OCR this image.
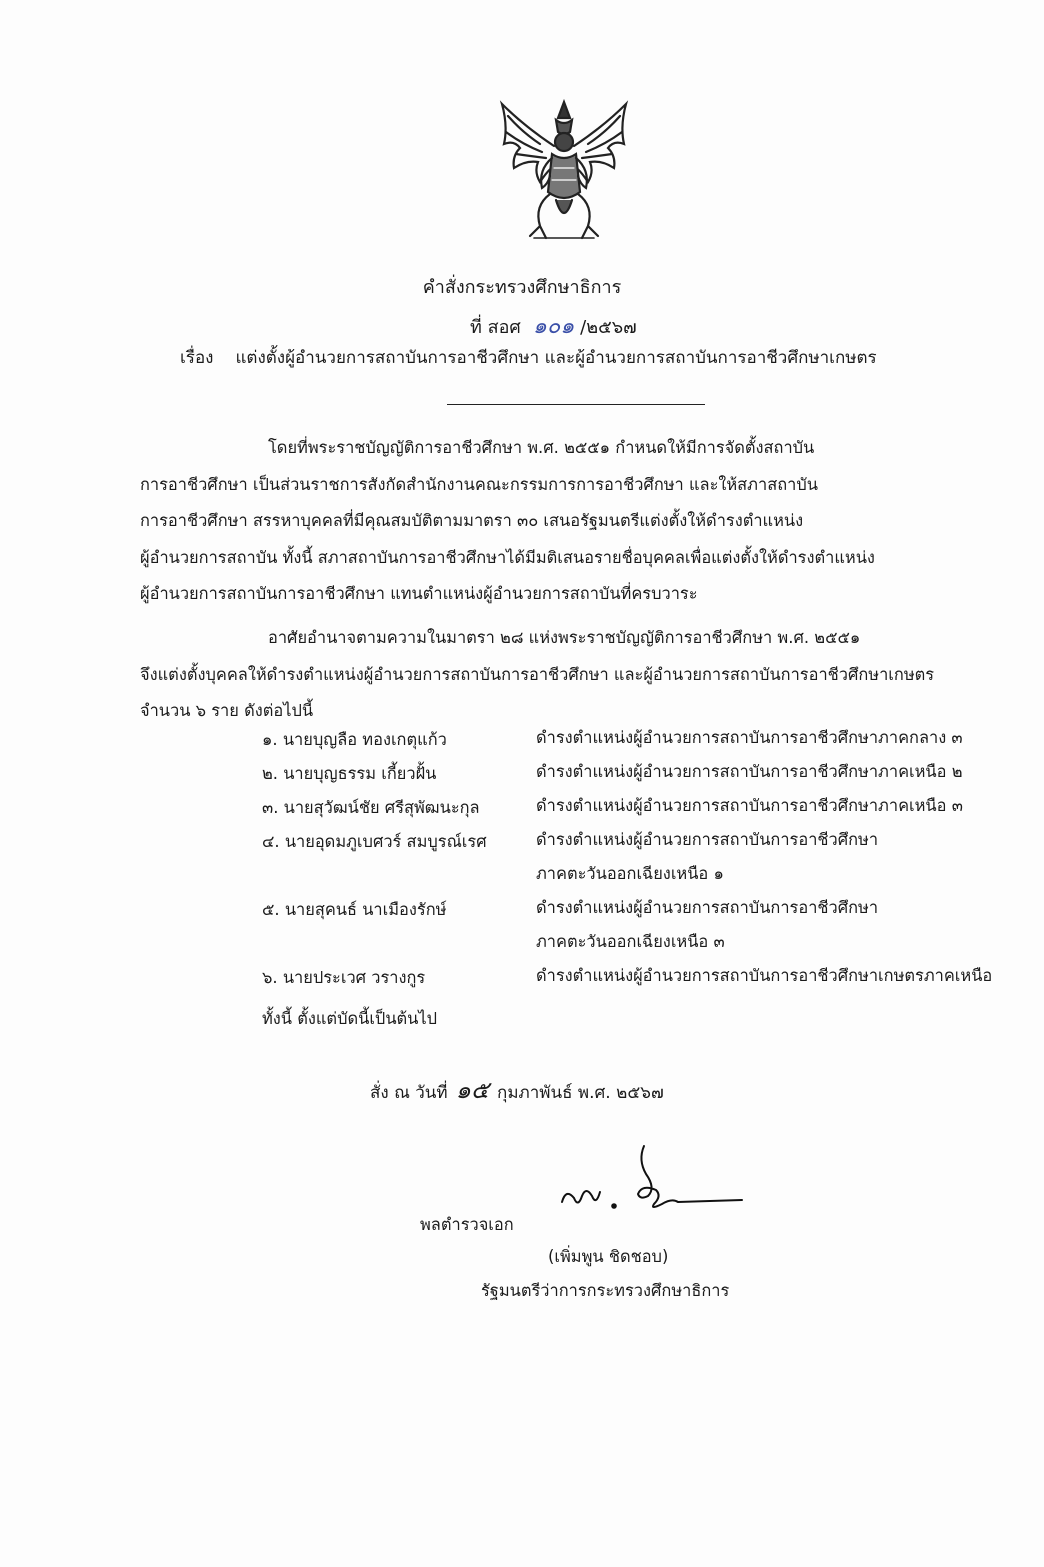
คำสั่งกระทรวงศึกษาธิการ
ที่ สอศ ๑๐๑ /๒๕๖๗
เรื่อง แต่งตั้งผู้อำนวยการสถาบันการอาชีวศึกษา และผู้อำนวยการสถาบันการอาชีวศึกษาเกษตร
โดยที่พระราชบัญญัติการอาชีวศึกษา พ.ศ. ๒๕๕๑ กำหนดให้มีการจัดตั้งสถาบัน
การอาชีวศึกษา เป็นส่วนราชการสังกัดสำนักงานคณะกรรมการการอาชีวศึกษา และให้สภาสถาบัน
การอาชีวศึกษา สรรหาบุคคลที่มีคุณสมบัติตามมาตรา ๓๐ เสนอรัฐมนตรีแต่งตั้งให้ดำรงตำแหน่ง
ผู้อำนวยการสถาบัน ทั้งนี้ สภาสถาบันการอาชีวศึกษาได้มีมติเสนอรายชื่อบุคคลเพื่อแต่งตั้งให้ดำรงตำแหน่ง
ผู้อำนวยการสถาบันการอาชีวศึกษา แทนตำแหน่งผู้อำนวยการสถาบันที่ครบวาระ
อาศัยอำนาจตามความในมาตรา ๒๘ แห่งพระราชบัญญัติการอาชีวศึกษา พ.ศ. ๒๕๕๑
จึงแต่งตั้งบุคคลให้ดำรงตำแหน่งผู้อำนวยการสถาบันการอาชีวศึกษา และผู้อำนวยการสถาบันการอาชีวศึกษาเกษตร
จำนวน ๖ ราย ดังต่อไปนี้
๑. นายบุญลือ ทองเกตุแก้ว	ดำรงตำแหน่งผู้อำนวยการสถาบันการอาชีวศึกษาภาคกลาง ๓
๒. นายบุญธรรม เกี้ยวฝั้น	ดำรงตำแหน่งผู้อำนวยการสถาบันการอาชีวศึกษาภาคเหนือ ๒
๓. นายสุวัฒน์ชัย ศรีสุพัฒนะกุล	ดำรงตำแหน่งผู้อำนวยการสถาบันการอาชีวศึกษาภาคเหนือ ๓
๔. นายอุดมภูเบศวร์ สมบูรณ์เรศ	ดำรงตำแหน่งผู้อำนวยการสถาบันการอาชีวศึกษา
ภาคตะวันออกเฉียงเหนือ ๑
๕. นายสุคนธ์ นาเมืองรักษ์	ดำรงตำแหน่งผู้อำนวยการสถาบันการอาชีวศึกษา
ภาคตะวันออกเฉียงเหนือ ๓
๖. นายประเวศ วรางกูร	ดำรงตำแหน่งผู้อำนวยการสถาบันการอาชีวศึกษาเกษตรภาคเหนือ
ทั้งนี้ ตั้งแต่บัดนี้เป็นต้นไป
สั่ง ณ วันที่ ๑๕ กุมภาพันธ์ พ.ศ. ๒๕๖๗
พลตำรวจเอก
(เพิ่มพูน ชิดชอบ)
รัฐมนตรีว่าการกระทรวงศึกษาธิการ
